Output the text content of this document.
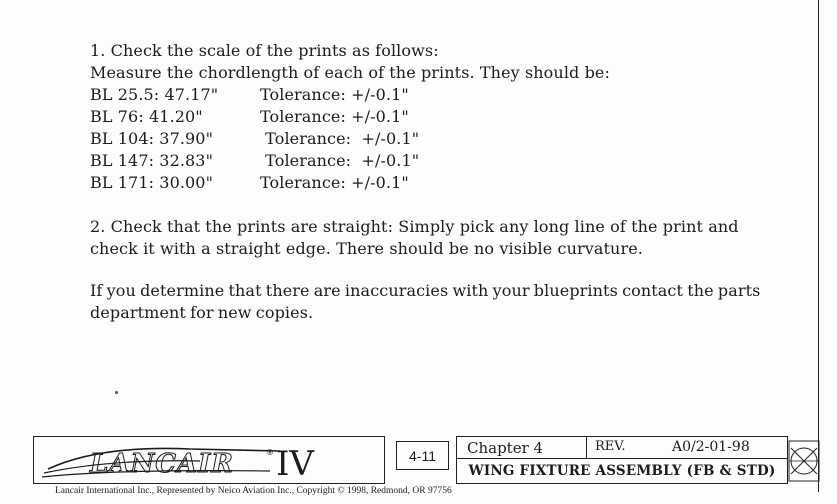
1. Check the scale of the prints as follows:
Measure the chordlength of each of the prints. They should be:
BL 25.5: 47.17"	Tolerance: +/-0.1"
BL 76: 41.20"	Tolerance: +/-0.1"
BL 104: 37.90"	Tolerance:  +/-0.1"
BL 147: 32.83"	Tolerance:  +/-0.1"
BL 171: 30.00"	Tolerance: +/-0.1"
2. Check that the prints are straight: Simply pick any long line of the print and
check it with a straight edge. There should be no visible curvature.
If you determine that there are inaccuracies with your blueprints contact the parts
department for new copies.
LANCAIR	® IV	4-11	Chapter 4	REV.	A0/2-01-98
WING FIXTURE ASSEMBLY (FB & STD)
Lancair International Inc., Represented by Neico Aviation Inc., Copyright © 1998, Redmond, OR 97756
